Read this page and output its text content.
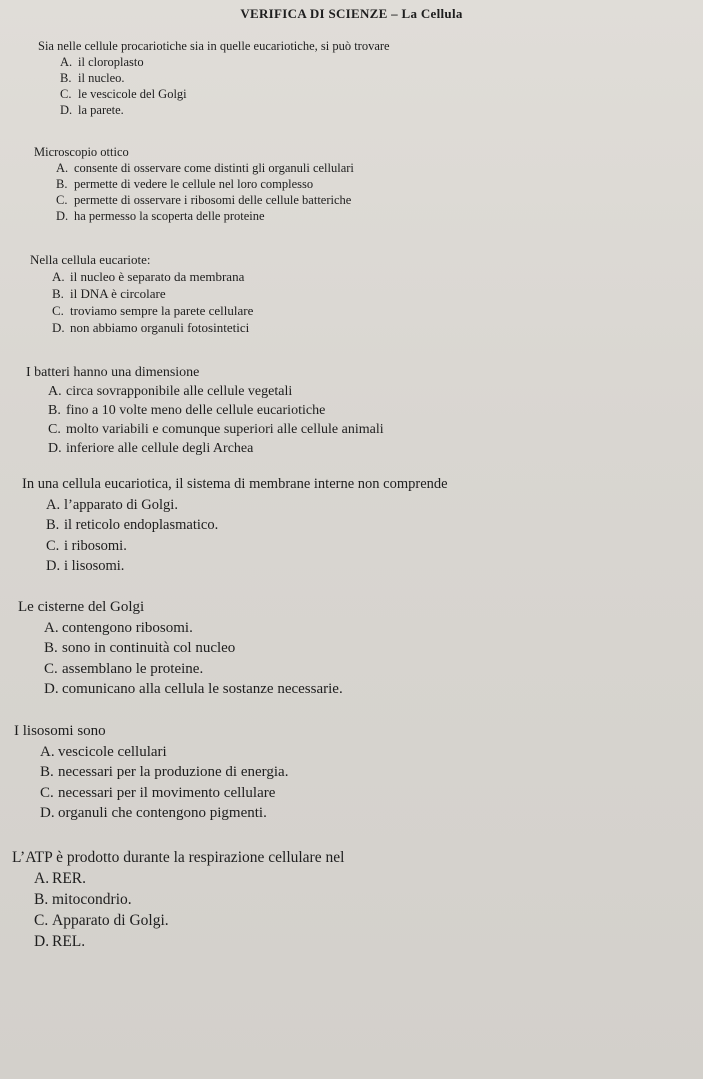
VERIFICA DI SCIENZE – La Cellula
Sia nelle cellule procariotiche sia in quelle eucariotiche, si può trovare
A. il cloroplasto
B. il nucleo.
C. le vescicole del Golgi
D. la parete.
Microscopio ottico
A. consente di osservare come distinti gli organuli cellulari
B. permette di vedere le cellule nel loro complesso
C. permette di osservare i ribosomi delle cellule batteriche
D. ha permesso la scoperta delle proteine
Nella cellula eucariote:
A. il nucleo è separato da membrana
B. il DNA è circolare
C. troviamo sempre la parete cellulare
D. non abbiamo organuli fotosintetici
I batteri hanno una dimensione
A. circa sovrapponibile alle cellule vegetali
B. fino a 10 volte meno delle cellule eucariotiche
C. molto variabili e comunque superiori alle cellule animali
D. inferiore alle cellule degli Archea
In una cellula eucariotica, il sistema di membrane interne non comprende
A. l’apparato di Golgi.
B. il reticolo endoplasmatico.
C. i ribosomi.
D. i lisosomi.
Le cisterne del Golgi
A. contengono ribosomi.
B. sono in continuità col nucleo
C. assemblano le proteine.
D. comunicano alla cellula le sostanze necessarie.
I lisosomi sono
A. vescicole cellulari
B. necessari per la produzione di energia.
C. necessari per il movimento cellulare
D. organuli che contengono pigmenti.
L’ATP è prodotto durante la respirazione cellulare nel
A. RER.
B. mitocondrio.
C. Apparato di Golgi.
D. REL.
